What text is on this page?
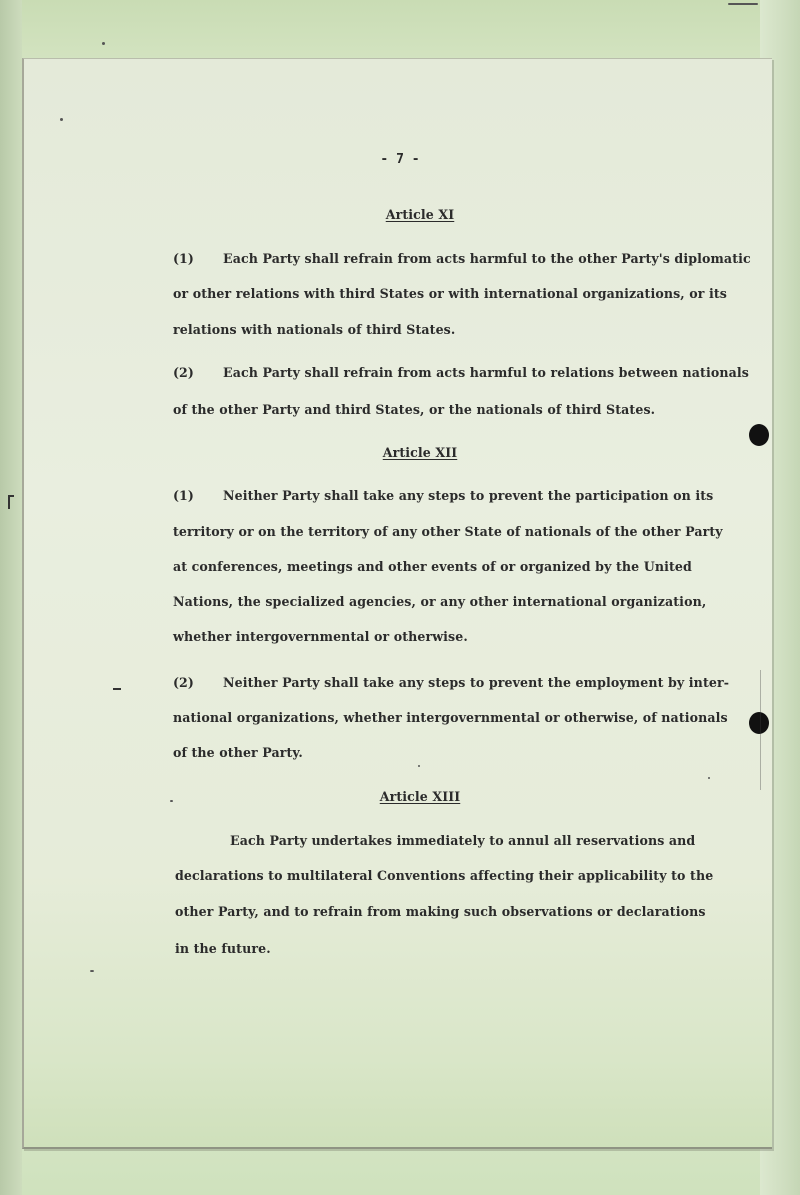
- 7 -
Article XI
(1) Each Party shall refrain from acts harmful to the other Party's diplomatic
or other relations with third States or with international organizations, or its
relations with nationals of third States.
(2) Each Party shall refrain from acts harmful to relations between nationals
of the other Party and third States, or the nationals of third States.
Article XII
(1) Neither Party shall take any steps to prevent the participation on its
territory or on the territory of any other State of nationals of the other Party
at conferences, meetings and other events of or organized by the United
Nations, the specialized agencies, or any other international organization,
whether intergovernmental or otherwise.
(2) Neither Party shall take any steps to prevent the employment by inter-
national organizations, whether intergovernmental or otherwise, of nationals
of the other Party.
Article XIII
Each Party undertakes immediately to annul all reservations and
declarations to multilateral Conventions affecting their applicability to the
other Party, and to refrain from making such observations or declarations
in the future.
